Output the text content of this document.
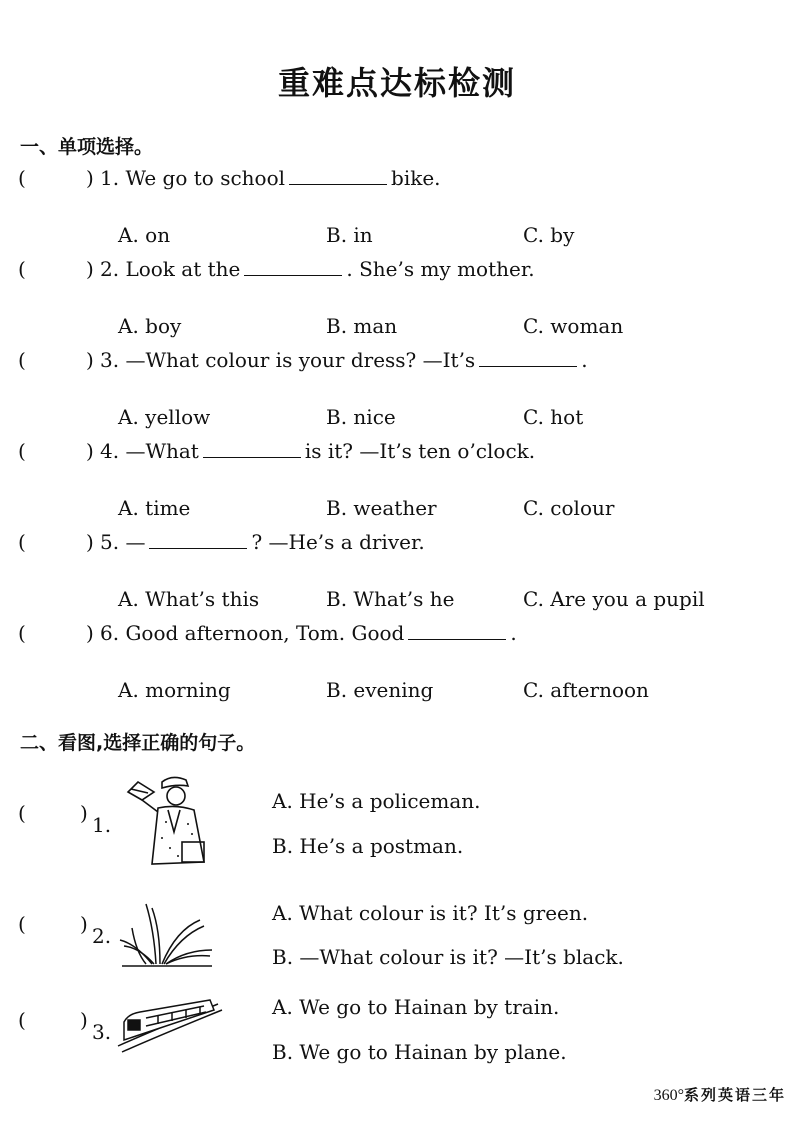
重难点达标检测
一、单项选择。
(	) 1. We go to school	bike.
A. on	B. in	C. by
(	) 2. Look at the	. She’s my mother.
A. boy	B. man	C. woman
(	) 3. —What colour is your dress? —It’s	.
A. yellow	B. nice	C. hot
(	) 4. —What	is it? —It’s ten o’clock.
A. time	B. weather	C. colour
(	) 5. —	? —He’s a driver.
A. What’s this	B. What’s he	C. Are you a pupil
(	) 6. Good afternoon, Tom. Good	.
A. morning	B. evening	C. afternoon
二、看图,选择正确的句子。
(	) 1.
A. He’s a policeman.
B. He’s a postman.
(	) 2.
A. What colour is it? It’s green.
B. —What colour is it? —It’s black.
(	) 3.
A. We go to Hainan by train.
B. We go to Hainan by plane.
360°系列英语三年
